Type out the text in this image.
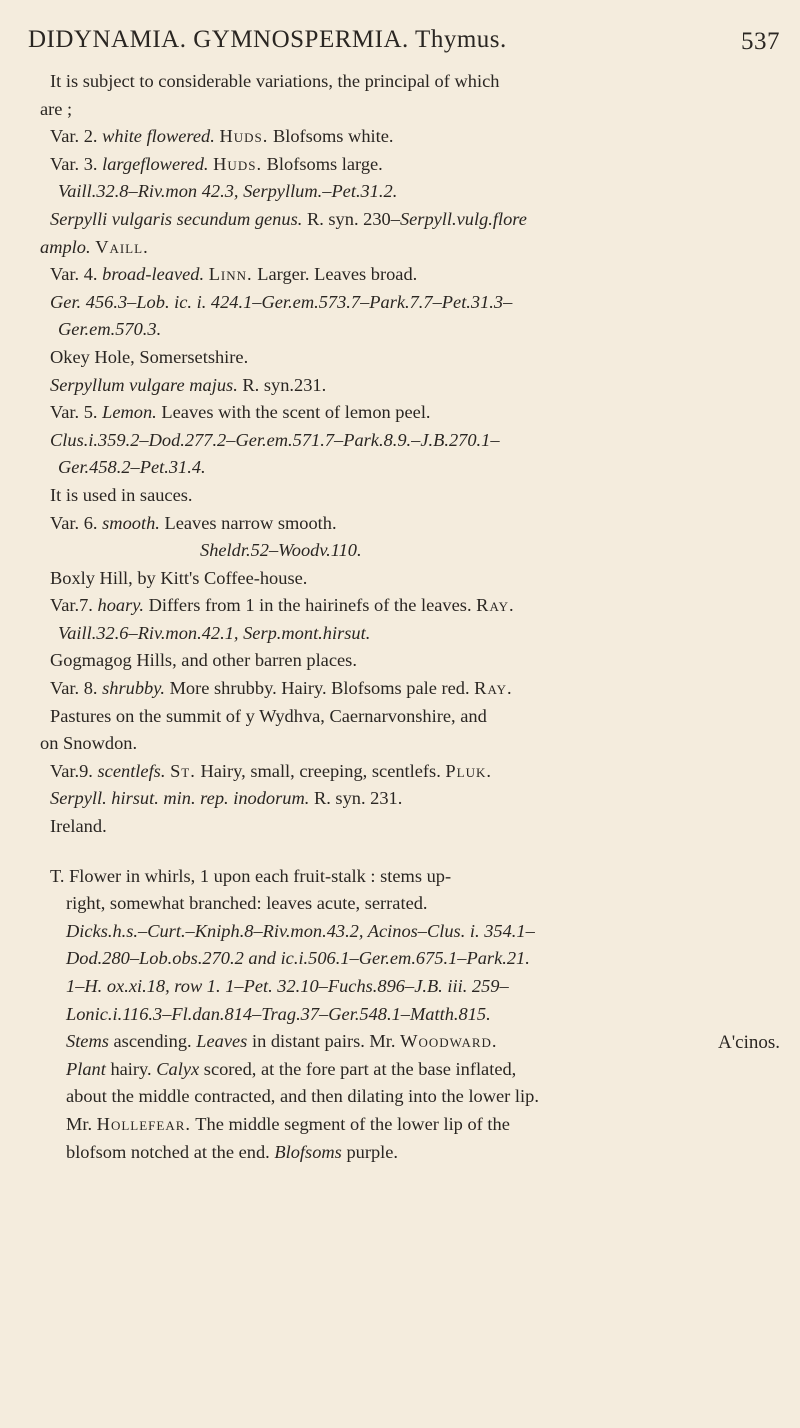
DIDYNAMIA. GYMNOSPERMIA. Thymus.	537
It is subject to considerable variations, the principal of which
are ;
Var. 2. white flowered. Huds. Blofsoms white.
Var. 3. largeflowered. Huds. Blofsoms large.
Vaill.32.8–Riv.mon 42.3, Serpyllum.–Pet.31.2.
Serpylli vulgaris secundum genus. R. syn. 230–Serpyll.vulg.flore
amplo. Vaill.
Var. 4. broad-leaved. Linn. Larger. Leaves broad.
Ger. 456.3–Lob. ic. i. 424.1–Ger.em.573.7–Park.7.7–Pet.31.3–
Ger.em.570.3.
Okey Hole, Somersetshire.
Serpyllum vulgare majus. R. syn.231.
Var. 5. Lemon. Leaves with the scent of lemon peel.
Clus.i.359.2–Dod.277.2–Ger.em.571.7–Park.8.9.–J.B.270.1–
Ger.458.2–Pet.31.4.
It is used in sauces.
Var. 6. smooth. Leaves narrow smooth.
Sheldr.52–Woodv.110.
Boxly Hill, by Kitt's Coffee-house.
Var.7. hoary. Differs from 1 in the hairinefs of the leaves. Ray.
Vaill.32.6–Riv.mon.42.1, Serp.mont.hirsut.
Gogmagog Hills, and other barren places.
Var. 8. shrubby. More shrubby. Hairy. Blofsoms pale red. Ray.
Pastures on the summit of y Wydhva, Caernarvonshire, and
on Snowdon.
Var.9. scentlefs. St. Hairy, small, creeping, scentlefs. Pluk.
Serpyll. hirsut. min. rep. inodorum. R. syn. 231.
Ireland.
T. Flower in whirls, 1 upon each fruit-stalk : stems up-
right, somewhat branched: leaves acute, serrated.
Dicks.h.s.–Curt.–Kniph.8–Riv.mon.43.2, Acinos–Clus. i. 354.1–
Dod.280–Lob.obs.270.2 and ic.i.506.1–Ger.em.675.1–Park.21.
1–H. ox.xi.18, row 1. 1–Pet. 32.10–Fuchs.896–J.B. iii. 259–
Lonic.i.116.3–Fl.dan.814–Trag.37–Ger.548.1–Matth.815.
Stems ascending. Leaves in distant pairs. Mr. Woodward.
Plant hairy. Calyx scored, at the fore part at the base inflated,
about the middle contracted, and then dilating into the lower lip.
Mr. Hollefear. The middle segment of the lower lip of the
blofsom notched at the end. Blofsoms purple.
A'cinos.
